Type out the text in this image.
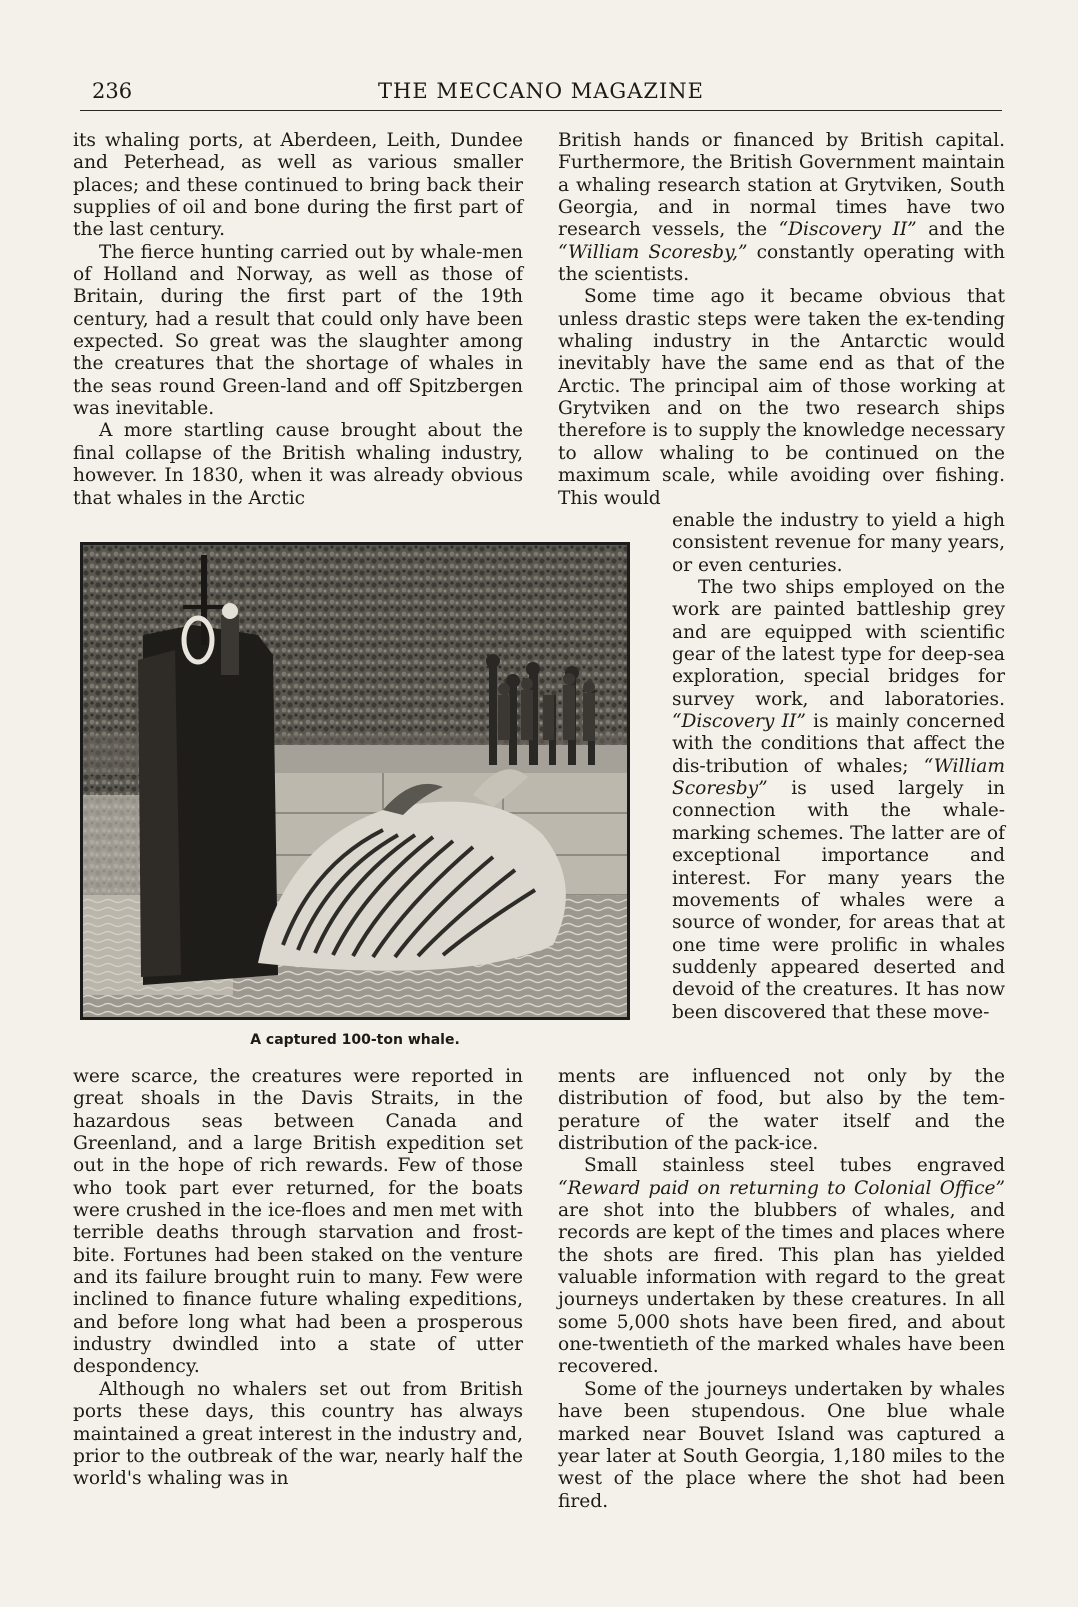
236	THE MECCANO MAGAZINE

its whaling ports, at Aberdeen, Leith, Dundee and Peterhead, as well as various smaller places; and these continued to bring back their supplies of oil and bone during the first part of the last century.

The fierce hunting carried out by whale-men of Holland and Norway, as well as those of Britain, during the first part of the 19th century, had a result that could only have been expected. So great was the slaughter among the creatures that the shortage of whales in the seas round Green-land and off Spitzbergen was inevitable.

A more startling cause brought about the final collapse of the British whaling industry, however. In 1830, when it was already obvious that whales in the Arctic

A captured 100-ton whale.

were scarce, the creatures were reported in great shoals in the Davis Straits, in the hazardous seas between Canada and Greenland, and a large British expedition set out in the hope of rich rewards. Few of those who took part ever returned, for the boats were crushed in the ice-floes and men met with terrible deaths through starvation and frost-bite. Fortunes had been staked on the venture and its failure brought ruin to many. Few were inclined to finance future whaling expeditions, and before long what had been a prosperous industry dwindled into a state of utter despondency.

Although no whalers set out from British ports these days, this country has always maintained a great interest in the industry and, prior to the outbreak of the war, nearly half the world's whaling was in

British hands or financed by British capital. Furthermore, the British Government maintain a whaling research station at Grytviken, South Georgia, and in normal times have two research vessels, the “Discovery II” and the “William Scoresby,” constantly operating with the scientists.

Some time ago it became obvious that unless drastic steps were taken the ex-tending whaling industry in the Antarctic would inevitably have the same end as that of the Arctic. The principal aim of those working at Grytviken and on the two research ships therefore is to supply the knowledge necessary to allow whaling to be continued on the maximum scale, while avoiding over fishing. This would

enable the industry to yield a high consistent revenue for many years, or even centuries.

The two ships employed on the work are painted battleship grey and are equipped with scientific gear of the latest type for deep-sea exploration, special bridges for survey work, and laboratories. “Discovery II” is mainly concerned with the conditions that affect the dis-tribution of whales; “William Scoresby” is used largely in connection with the whale-marking schemes. The latter are of exceptional importance and interest. For many years the movements of whales were a source of wonder, for areas that at one time were prolific in whales suddenly appeared deserted and devoid of the creatures. It has now been discovered that these move-

ments are influenced not only by the distribution of food, but also by the tem-perature of the water itself and the distribution of the pack-ice.

Small stainless steel tubes engraved “Reward paid on returning to Colonial Office” are shot into the blubbers of whales, and records are kept of the times and places where the shots are fired. This plan has yielded valuable information with regard to the great journeys undertaken by these creatures. In all some 5,000 shots have been fired, and about one-twentieth of the marked whales have been recovered.

Some of the journeys undertaken by whales have been stupendous. One blue whale marked near Bouvet Island was captured a year later at South Georgia, 1,180 miles to the west of the place where the shot had been fired.
